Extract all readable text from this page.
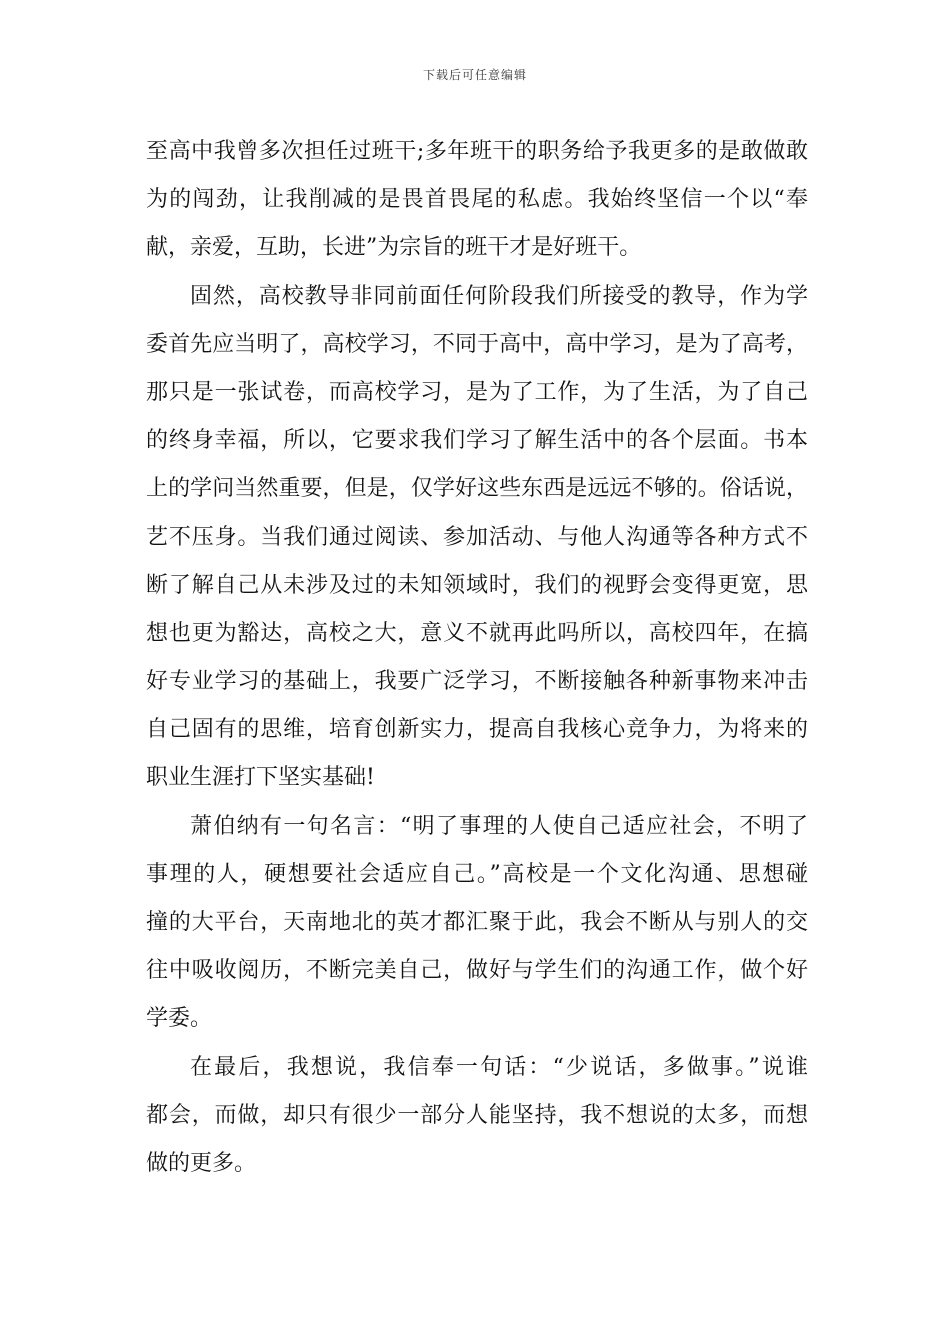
下载后可任意编辑
至高中我曾多次担任过班干;多年班干的职务给予我更多的是敢做敢
为的闯劲，让我削减的是畏首畏尾的私虑。我始终坚信一个以“奉
献，亲爱，互助，长进”为宗旨的班干才是好班干。
固然，高校教导非同前面任何阶段我们所接受的教导，作为学
委首先应当明了，高校学习，不同于高中，高中学习，是为了高考，
那只是一张试卷，而高校学习，是为了工作，为了生活，为了自己
的终身幸福，所以，它要求我们学习了解生活中的各个层面。书本
上的学问当然重要，但是，仅学好这些东西是远远不够的。俗话说，
艺不压身。当我们通过阅读、参加活动、与他人沟通等各种方式不
断了解自己从未涉及过的未知领域时，我们的视野会变得更宽，思
想也更为豁达，高校之大，意义不就再此吗所以，高校四年，在搞
好专业学习的基础上，我要广泛学习，不断接触各种新事物来冲击
自己固有的思维，培育创新实力，提高自我核心竞争力，为将来的
职业生涯打下坚实基础!
萧伯纳有一句名言：“明了事理的人使自己适应社会，不明了
事理的人，硬想要社会适应自己。”高校是一个文化沟通、思想碰
撞的大平台，天南地北的英才都汇聚于此，我会不断从与别人的交
往中吸收阅历，不断完美自己，做好与学生们的沟通工作，做个好
学委。
在最后，我想说，我信奉一句话：“少说话，多做事。”说谁
都会，而做，却只有很少一部分人能坚持，我不想说的太多，而想
做的更多。
